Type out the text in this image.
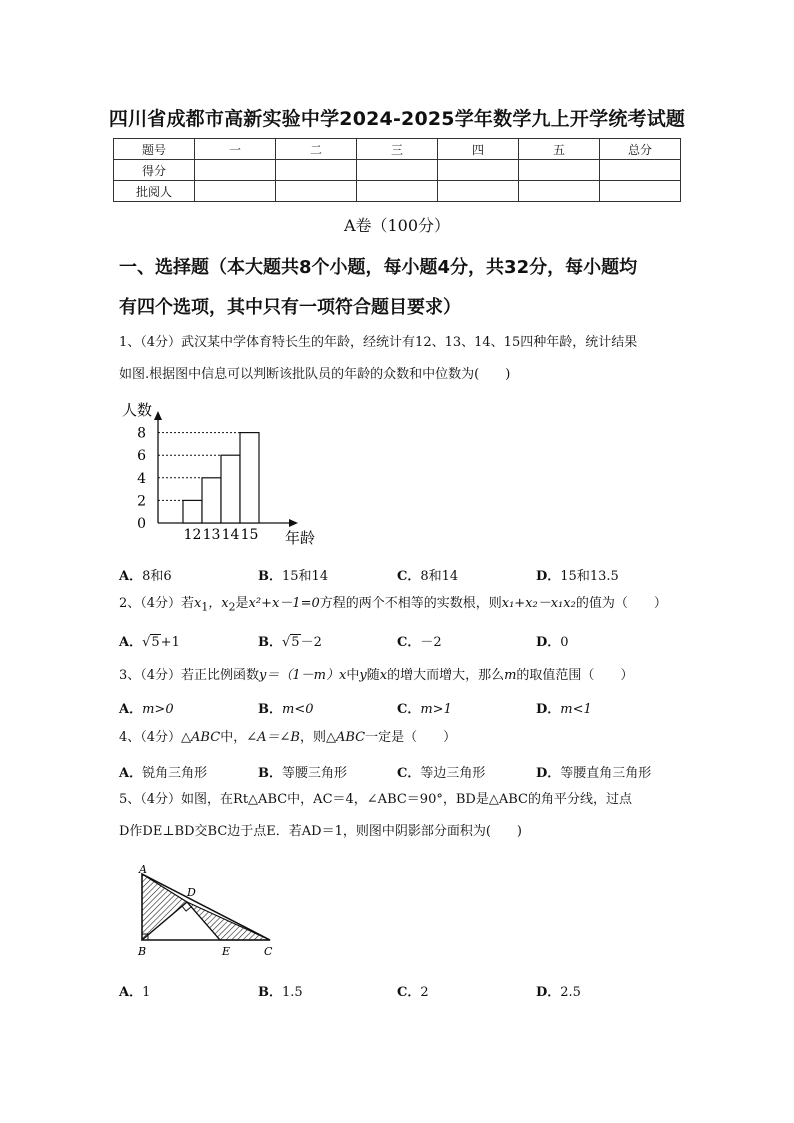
四川省成都市高新实验中学2024-2025学年数学九上开学统考试题
题号	一	二	三	四	五	总分
得分						
批阅人						
A卷（100分）
一、选择题（本大题共8个小题，每小题4分，共32分，每小题均
有四个选项，其中只有一项符合题目要求）
1、（4分）武汉某中学体育特长生的年龄，经统计有12、13、14、15四种年龄，统计结果
如图.根据图中信息可以判断该批队员的年龄的众数和中位数为(　　)
0
2
4
6
8
12 13 14 15
人数
年龄
A．8和6	B．15和14	C．8和14	D．15和13.5
2、（4分）若$x_1$，$x_2$是x²+x－1=0方程的两个不相等的实数根，则x₁+x₂－x₁x₂的值为（　　）
A．√5+1	B．√5－2	C．－2	D．0
3、（4分）若正比例函数y＝（1－m）x中y随x的增大而增大，那么m的取值范围（　　）
A．m>0	B．m<0	C．m>1	D．m<1
4、（4分）△ABC中，∠A＝∠B，则△ABC一定是（　　）
A．锐角三角形	B．等腰三角形	C．等边三角形	D．等腰直角三角形
5、（4分）如图，在Rt△ABC中，AC＝4，∠ABC＝90°，BD是△ABC的角平分线，过点
D作DE⊥BD交BC边于点E．若AD＝1，则图中阴影部分面积为(　　)
A
D
B	E	C
A．1	B．1.5	C．2	D．2.5
